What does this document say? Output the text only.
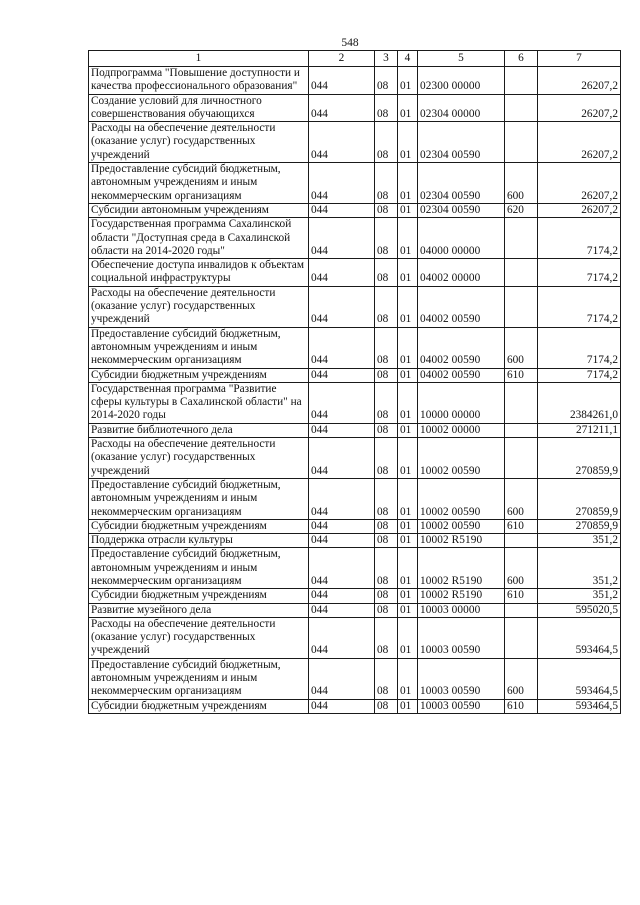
548
1	2	3	4	5	6	7
Подпрограмма "Повышение доступности и качества профессионального образования"	044	08	01	02300 00000		26207,2
Создание условий для личностного совершенствования обучающихся	044	08	01	02304 00000		26207,2
Расходы на обеспечение деятельности (оказание услуг) государственных учреждений	044	08	01	02304 00590		26207,2
Предоставление субсидий бюджетным, автономным учреждениям и иным некоммерческим организациям	044	08	01	02304 00590	600	26207,2
Субсидии автономным учреждениям	044	08	01	02304 00590	620	26207,2
Государственная программа Сахалинской области "Доступная среда в Сахалинской области на 2014-2020 годы"	044	08	01	04000 00000		7174,2
Обеспечение доступа инвалидов к объектам социальной инфраструктуры	044	08	01	04002 00000		7174,2
Расходы на обеспечение деятельности (оказание услуг) государственных учреждений	044	08	01	04002 00590		7174,2
Предоставление субсидий бюджетным, автономным учреждениям и иным некоммерческим организациям	044	08	01	04002 00590	600	7174,2
Субсидии бюджетным учреждениям	044	08	01	04002 00590	610	7174,2
Государственная программа "Развитие сферы культуры в Сахалинской области" на 2014-2020 годы	044	08	01	10000 00000		2384261,0
Развитие библиотечного дела	044	08	01	10002 00000		271211,1
Расходы на обеспечение деятельности (оказание услуг) государственных учреждений	044	08	01	10002 00590		270859,9
Предоставление субсидий бюджетным, автономным учреждениям и иным некоммерческим организациям	044	08	01	10002 00590	600	270859,9
Субсидии бюджетным учреждениям	044	08	01	10002 00590	610	270859,9
Поддержка отрасли культуры	044	08	01	10002 R5190		351,2
Предоставление субсидий бюджетным, автономным учреждениям и иным некоммерческим организациям	044	08	01	10002 R5190	600	351,2
Субсидии бюджетным учреждениям	044	08	01	10002 R5190	610	351,2
Развитие музейного дела	044	08	01	10003 00000		595020,5
Расходы на обеспечение деятельности (оказание услуг) государственных учреждений	044	08	01	10003 00590		593464,5
Предоставление субсидий бюджетным, автономным учреждениям и иным некоммерческим организациям	044	08	01	10003 00590	600	593464,5
Субсидии бюджетным учреждениям	044	08	01	10003 00590	610	593464,5
